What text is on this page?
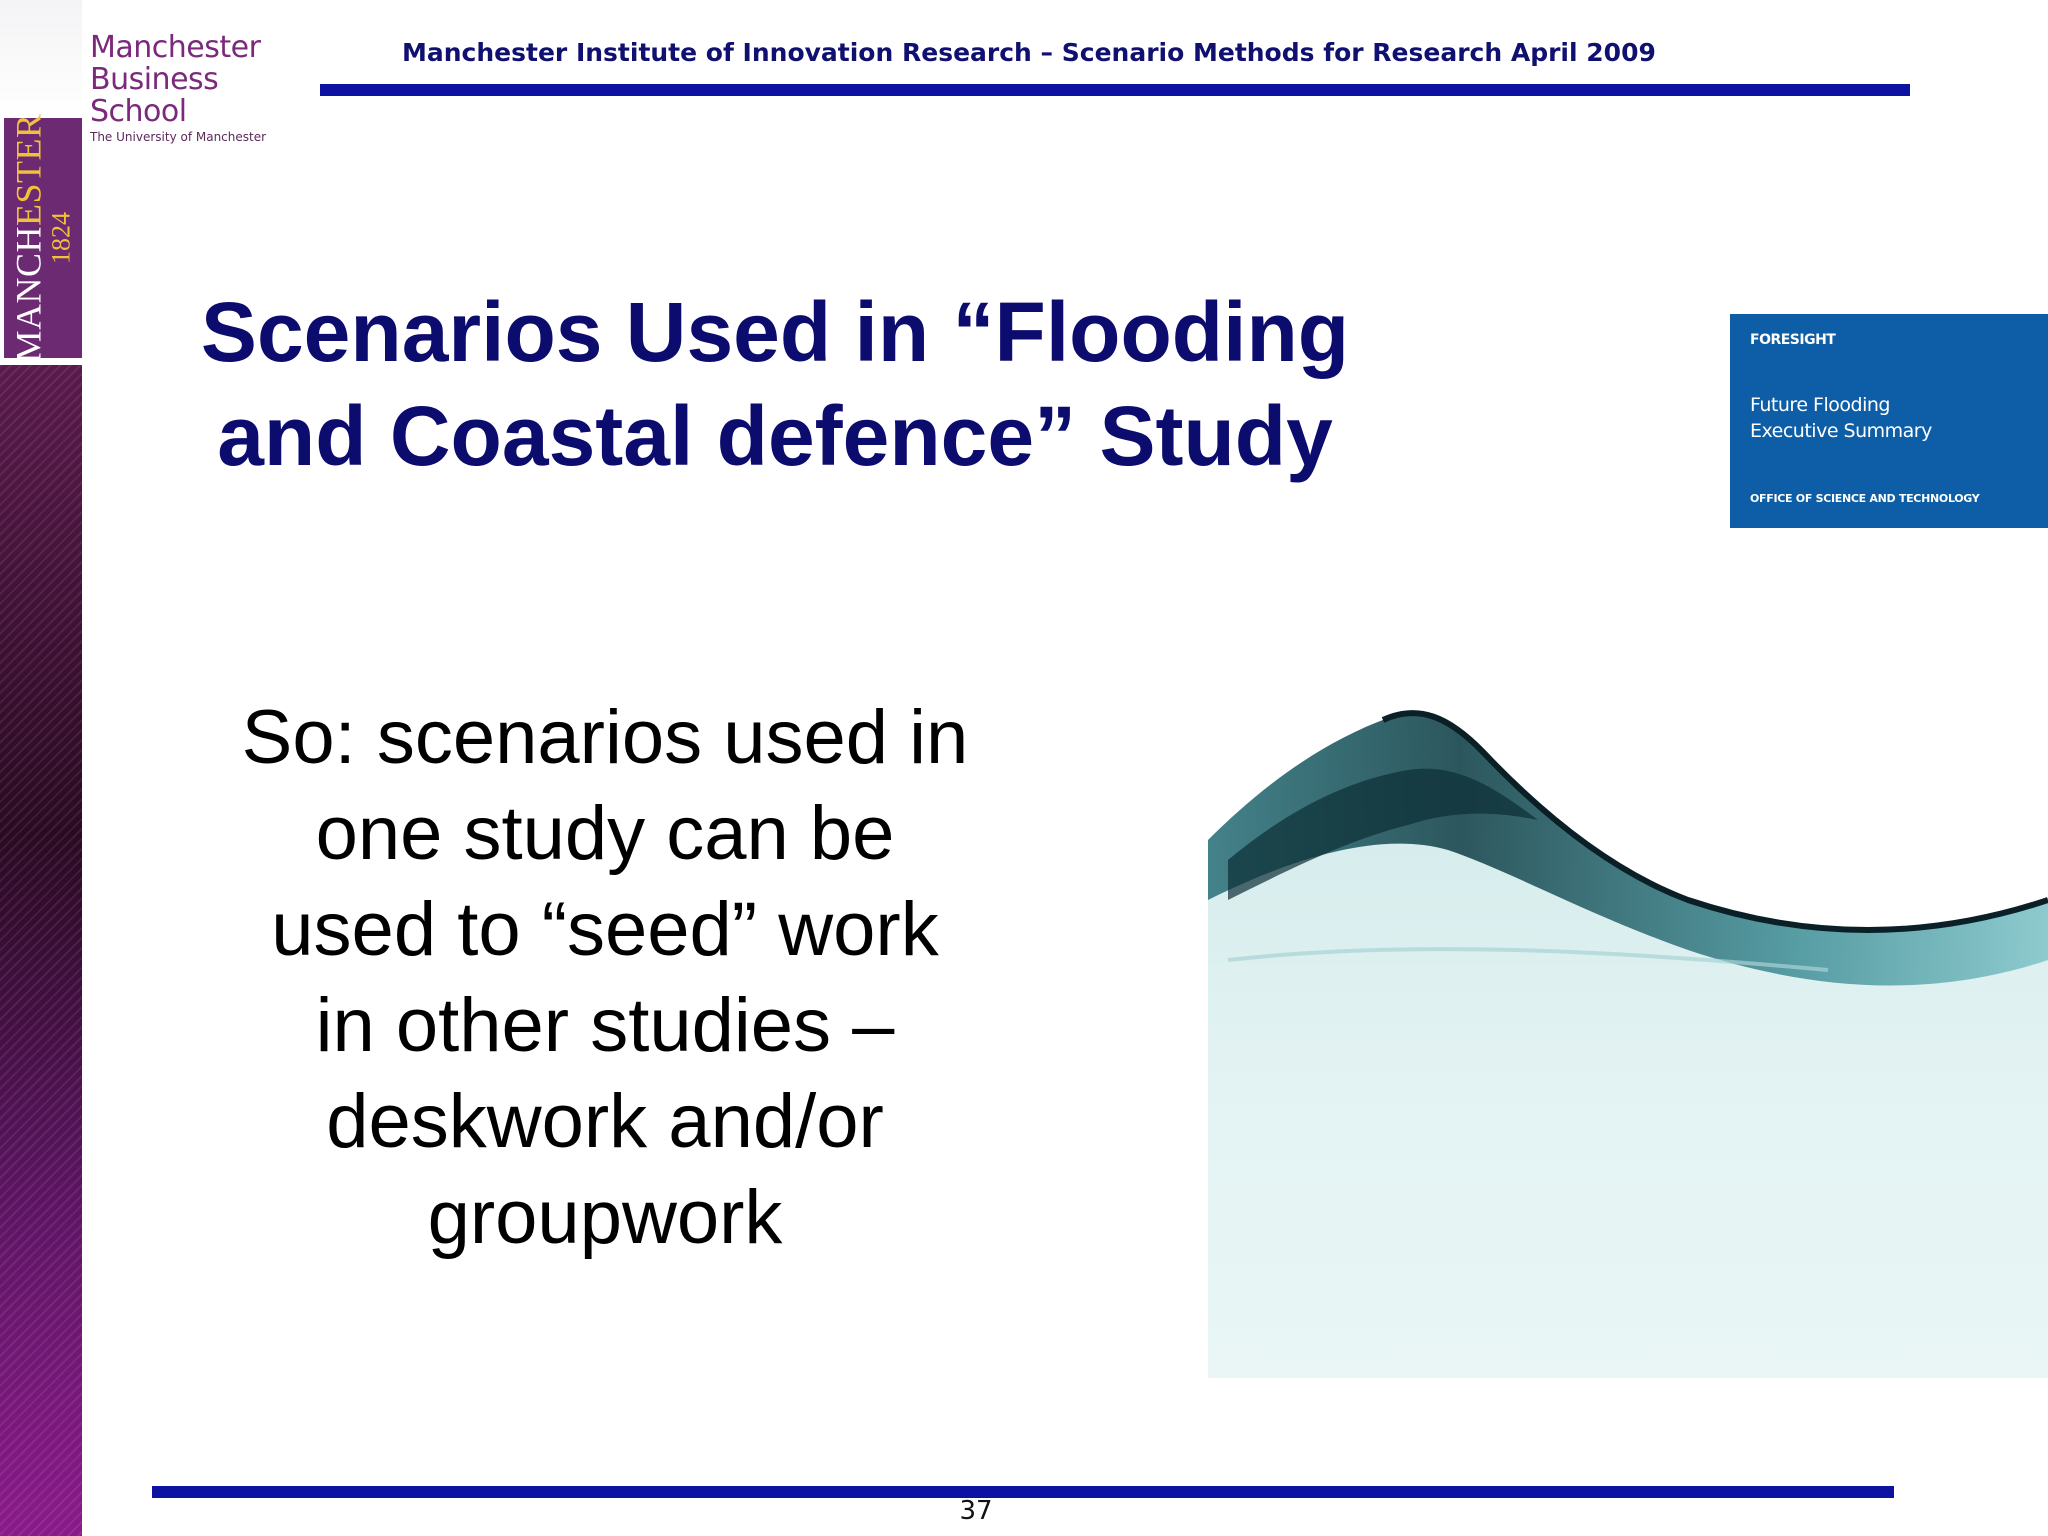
MANCHESTER
1824
Manchester
Business School
The University of Manchester
Manchester Institute of Innovation Research – Scenario Methods for Research April 2009
Scenarios Used in “Flooding
and Coastal defence” Study
So: scenarios used in
one study can be
used to “seed” work
in other studies –
deskwork and/or
groupwork
FORESIGHT
Future Flooding
Executive Summary
OFFICE OF SCIENCE AND TECHNOLOGY
37
